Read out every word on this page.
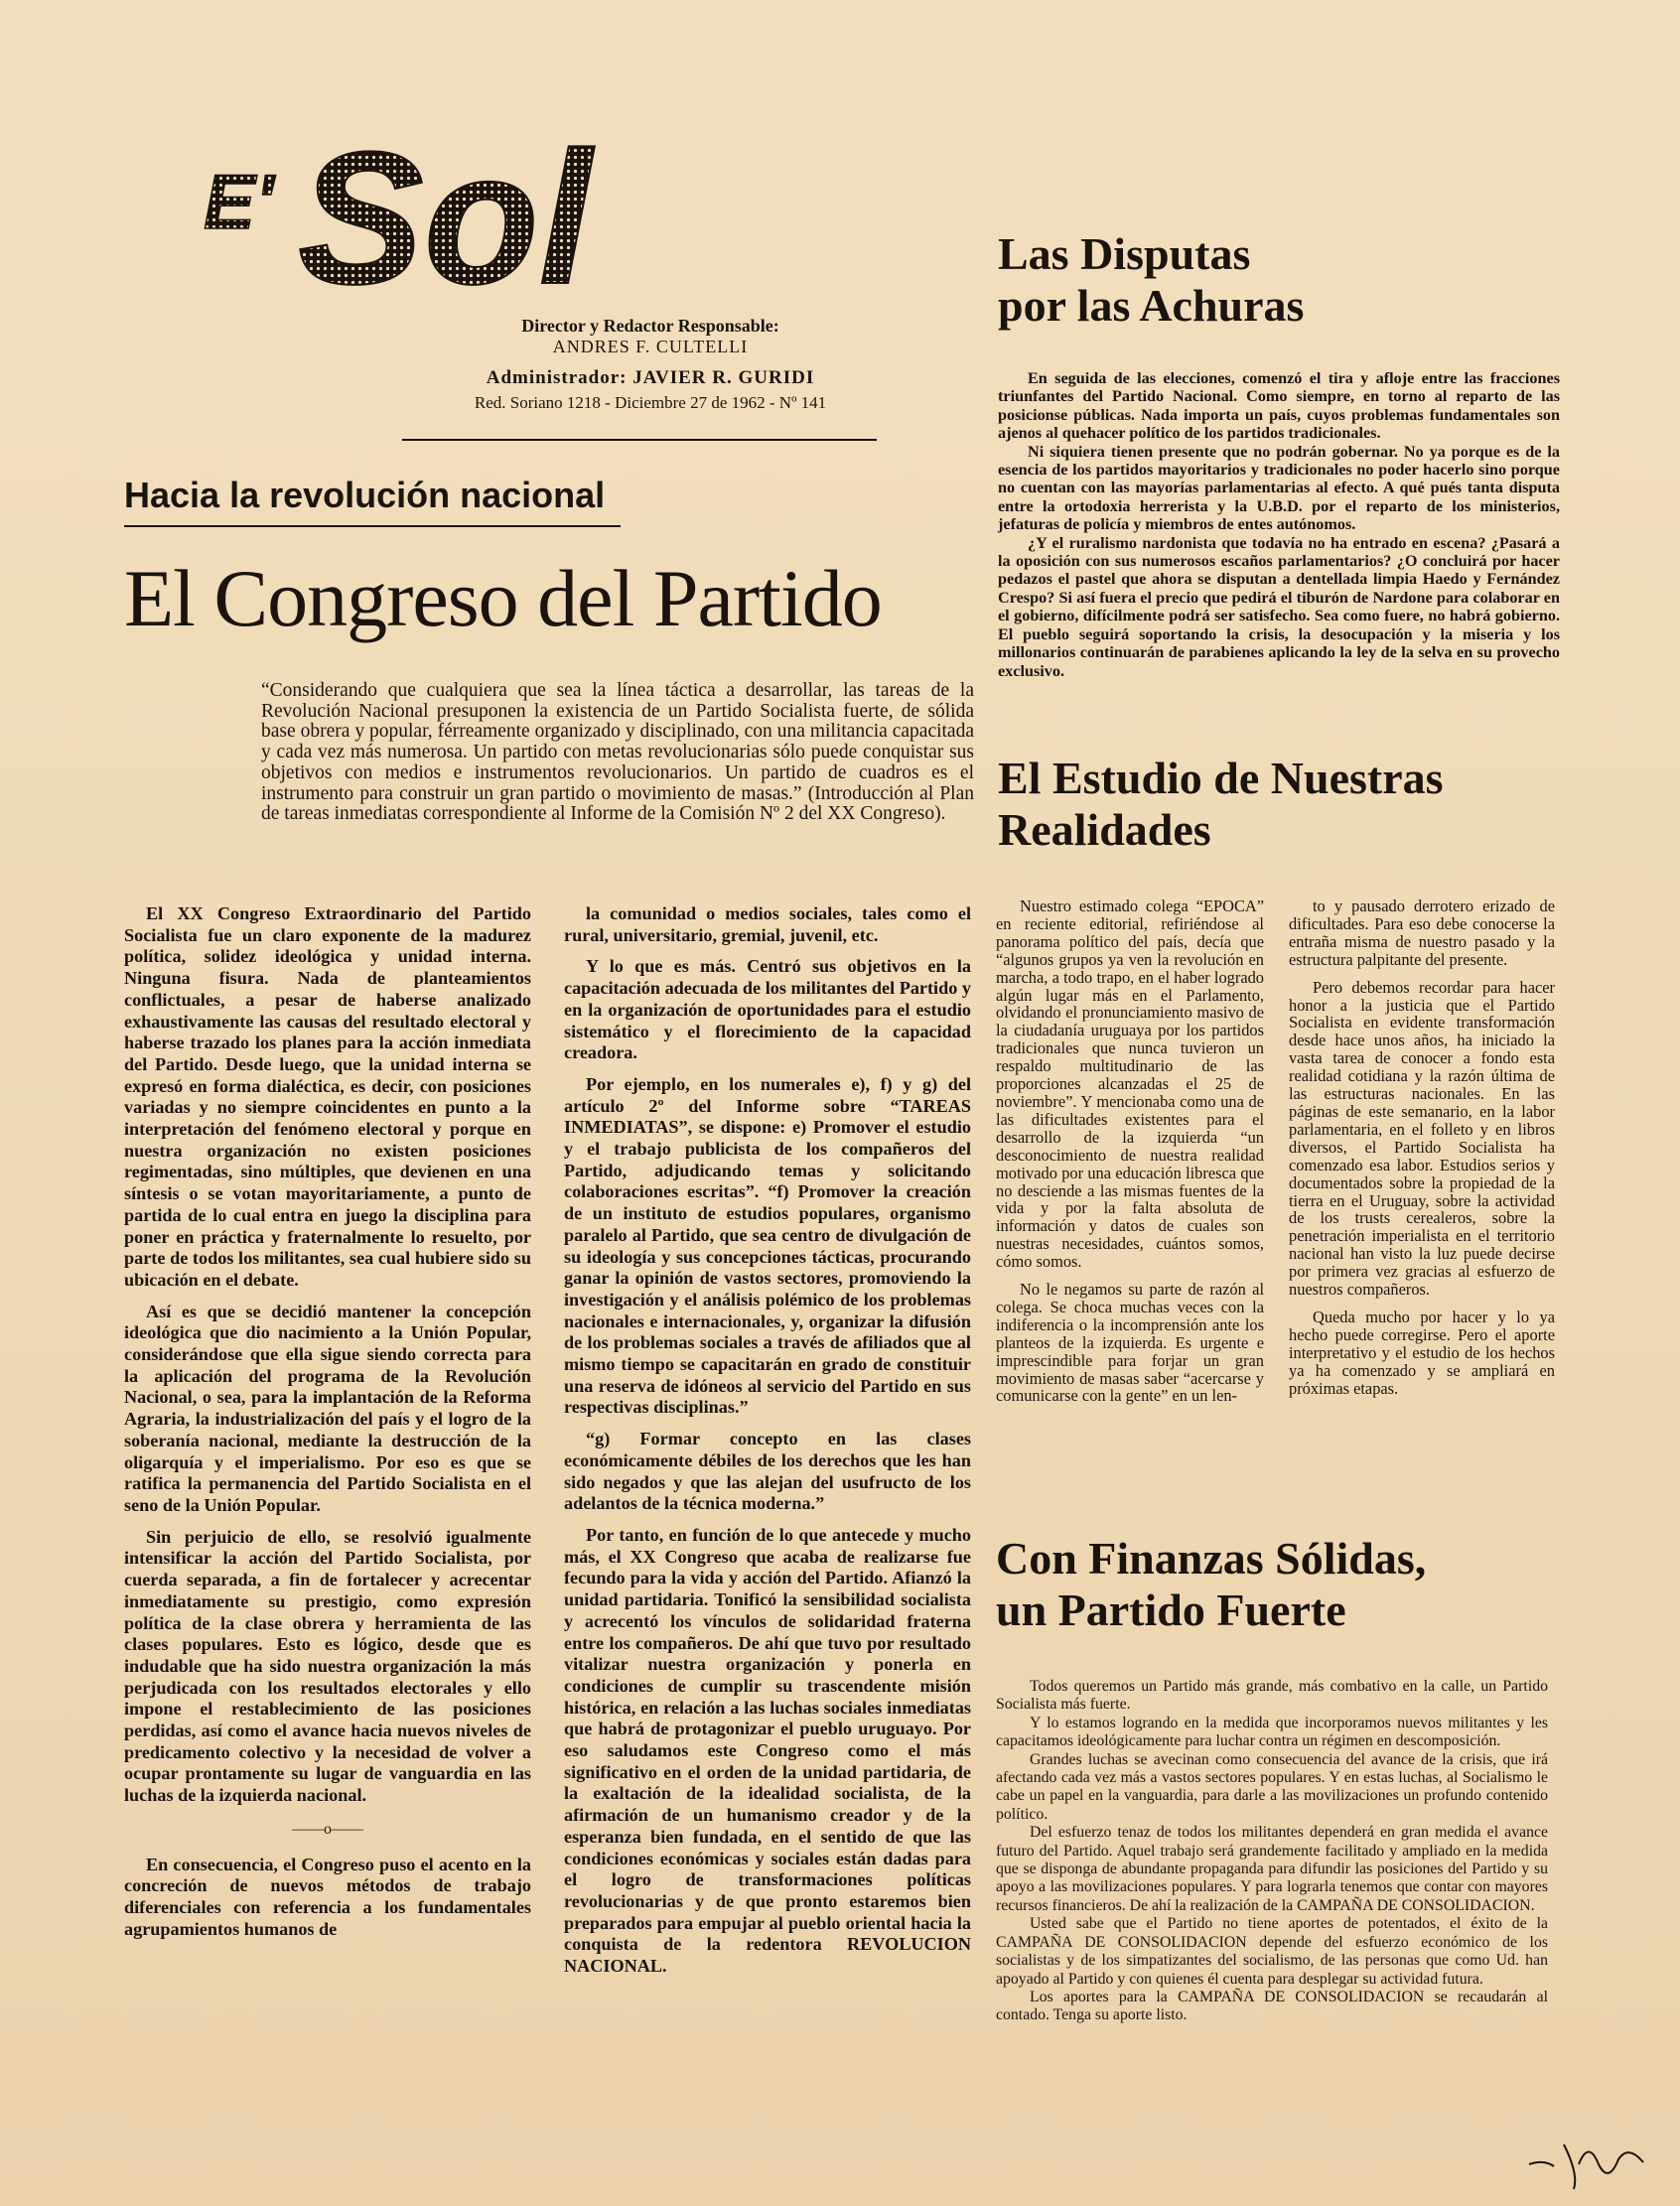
E' Sol
Director y Redactor Responsable:
ANDRES F. CULTELLI
Administrador: JAVIER R. GURIDI
Red. Soriano 1218 - Diciembre 27 de 1962 - Nº 141
Hacia la revolución nacional
El Congreso del Partido
“Considerando que cualquiera que sea la línea táctica a desarrollar, las tareas de la Revolución Nacional presuponen la existencia de un Partido Socialista fuerte, de sólida base obrera y popular, férreamente organizado y disciplinado, con una militancia capacitada y cada vez más numerosa. Un partido con metas revolucionarias sólo puede conquistar sus objetivos con medios e instrumentos revolucionarios. Un partido de cuadros es el instrumento para construir un gran partido o movimiento de masas.” (Introducción al Plan de tareas inmediatas correspondiente al Informe de la Comisión Nº 2 del XX Congreso).

El XX Congreso Extraordinario del Partido Socialista fue un claro exponente de la madurez política, solidez ideológica y unidad interna. Ninguna fisura. Nada de planteamientos conflictuales, a pesar de haberse analizado exhaustivamente las causas del resultado electoral y haberse trazado los planes para la acción inmediata del Partido. Desde luego, que la unidad interna se expresó en forma dialéctica, es decir, con posiciones variadas y no siempre coincidentes en punto a la interpretación del fenómeno electoral y porque en nuestra organización no existen posiciones regimentadas, sino múltiples, que devienen en una síntesis o se votan mayoritariamente, a punto de partida de lo cual entra en juego la disciplina para poner en práctica y fraternalmente lo resuelto, por parte de todos los militantes, sea cual hubiere sido su ubicación en el debate.

Así es que se decidió mantener la concepción ideológica que dio nacimiento a la Unión Popular, considerándose que ella sigue siendo correcta para la aplicación del programa de la Revolución Nacional, o sea, para la implantación de la Reforma Agraria, la industrialización del país y el logro de la soberanía nacional, mediante la destrucción de la oligarquía y el imperialismo. Por eso es que se ratifica la permanencia del Partido Socialista en el seno de la Unión Popular.

Sin perjuicio de ello, se resolvió igualmente intensificar la acción del Partido Socialista, por cuerda separada, a fin de fortalecer y acrecentar inmediatamente su prestigio, como expresión política de la clase obrera y herramienta de las clases populares. Esto es lógico, desde que es indudable que ha sido nuestra organización la más perjudicada con los resultados electorales y ello impone el restablecimiento de las posiciones perdidas, así como el avance hacia nuevos niveles de predicamento colectivo y la necesidad de volver a ocupar prontamente su lugar de vanguardia en las luchas de la izquierda nacional.

——o——

En consecuencia, el Congreso puso el acento en la concreción de nuevos métodos de trabajo diferenciales con referencia a los fundamentales agrupamientos humanos de

la comunidad o medios sociales, tales como el rural, universitario, gremial, juvenil, etc.

Y lo que es más. Centró sus objetivos en la capacitación adecuada de los militantes del Partido y en la organización de oportunidades para el estudio sistemático y el florecimiento de la capacidad creadora.

Por ejemplo, en los numerales e), f) y g) del artículo 2º del Informe sobre “TAREAS INMEDIATAS”, se dispone: e) Promover el estudio y el trabajo publicista de los compañeros del Partido, adjudicando temas y solicitando colaboraciones escritas”. “f) Promover la creación de un instituto de estudios populares, organismo paralelo al Partido, que sea centro de divulgación de su ideología y sus concepciones tácticas, procurando ganar la opinión de vastos sectores, promoviendo la investigación y el análisis polémico de los problemas nacionales e internacionales, y, organizar la difusión de los problemas sociales a través de afiliados que al mismo tiempo se capacitarán en grado de constituir una reserva de idóneos al servicio del Partido en sus respectivas disciplinas.”

“g) Formar concepto en las clases económicamente débiles de los derechos que les han sido negados y que las alejan del usufructo de los adelantos de la técnica moderna.”

Por tanto, en función de lo que antecede y mucho más, el XX Congreso que acaba de realizarse fue fecundo para la vida y acción del Partido. Afianzó la unidad partidaria. Tonificó la sensibilidad socialista y acrecentó los vínculos de solidaridad fraterna entre los compañeros. De ahí que tuvo por resultado vitalizar nuestra organización y ponerla en condiciones de cumplir su trascendente misión histórica, en relación a las luchas sociales inmediatas que habrá de protagonizar el pueblo uruguayo. Por eso saludamos este Congreso como el más significativo en el orden de la unidad partidaria, de la exaltación de la idealidad socialista, de la afirmación de un humanismo creador y de la esperanza bien fundada, en el sentido de que las condiciones económicas y sociales están dadas para el logro de transformaciones políticas revolucionarias y de que pronto estaremos bien preparados para empujar al pueblo oriental hacia la conquista de la redentora REVOLUCION NACIONAL.

Las Disputas
por las Achuras

En seguida de las elecciones, comenzó el tira y afloje entre las fracciones triunfantes del Partido Nacional. Como siempre, en torno al reparto de las posicionse públicas. Nada importa un país, cuyos problemas fundamentales son ajenos al quehacer político de los partidos tradicionales.

Ni siquiera tienen presente que no podrán gobernar. No ya porque es de la esencia de los partidos mayoritarios y tradicionales no poder hacerlo sino porque no cuentan con las mayorías parlamentarias al efecto. A qué pués tanta disputa entre la ortodoxia herrerista y la U.B.D. por el reparto de los ministerios, jefaturas de policía y miembros de entes autónomos.

¿Y el ruralismo nardonista que todavía no ha entrado en escena? ¿Pasará a la oposición con sus numerosos escaños parlamentarios? ¿O concluirá por hacer pedazos el pastel que ahora se disputan a dentellada limpia Haedo y Fernández Crespo? Si así fuera el precio que pedirá el tiburón de Nardone para colaborar en el gobierno, difícilmente podrá ser satisfecho. Sea como fuere, no habrá gobierno. El pueblo seguirá soportando la crisis, la desocupación y la miseria y los millonarios continuarán de parabienes aplicando la ley de la selva en su provecho exclusivo.

El Estudio de Nuestras
Realidades

Nuestro estimado colega “EPOCA” en reciente editorial, refiriéndose al panorama político del país, decía que “algunos grupos ya ven la revolución en marcha, a todo trapo, en el haber logrado algún lugar más en el Parlamento, olvidando el pronunciamiento masivo de la ciudadanía uruguaya por los partidos tradicionales que nunca tuvieron un respaldo multitudinario de las proporciones alcanzadas el 25 de noviembre”. Y mencionaba como una de las dificultades existentes para el desarrollo de la izquierda “un desconocimiento de nuestra realidad motivado por una educación libresca que no desciende a las mismas fuentes de la vida y por la falta absoluta de información y datos de cuales son nuestras necesidades, cuántos somos, cómo somos.

No le negamos su parte de razón al colega. Se choca muchas veces con la indiferencia o la incomprensión ante los planteos de la izquierda. Es urgente e imprescindible para forjar un gran movimiento de masas saber “acercarse y comunicarse con la gente” en un len-

to y pausado derrotero erizado de dificultades. Para eso debe conocerse la entraña misma de nuestro pasado y la estructura palpitante del presente.

Pero debemos recordar para hacer honor a la justicia que el Partido Socialista en evidente transformación desde hace unos años, ha iniciado la vasta tarea de conocer a fondo esta realidad cotidiana y la razón última de las estructuras nacionales. En las páginas de este semanario, en la labor parlamentaria, en el folleto y en libros diversos, el Partido Socialista ha comenzado esa labor. Estudios serios y documentados sobre la propiedad de la tierra en el Uruguay, sobre la actividad de los trusts cerealeros, sobre la penetración imperialista en el territorio nacional han visto la luz puede decirse por primera vez gracias al esfuerzo de nuestros compañeros.

Queda mucho por hacer y lo ya hecho puede corregirse. Pero el aporte interpretativo y el estudio de los hechos ya ha comenzado y se ampliará en próximas etapas.

Con Finanzas Sólidas,
un Partido Fuerte

Todos queremos un Partido más grande, más combativo en la calle, un Partido Socialista más fuerte.

Y lo estamos logrando en la medida que incorporamos nuevos militantes y les capacitamos ideológicamente para luchar contra un régimen en descomposición.

Grandes luchas se avecinan como consecuencia del avance de la crisis, que irá afectando cada vez más a vastos sectores populares. Y en estas luchas, al Socialismo le cabe un papel en la vanguardia, para darle a las movilizaciones un profundo contenido político.

Del esfuerzo tenaz de todos los militantes dependerá en gran medida el avance futuro del Partido. Aquel trabajo será grandemente facilitado y ampliado en la medida que se disponga de abundante propaganda para difundir las posiciones del Partido y su apoyo a las movilizaciones populares. Y para lograrla tenemos que contar con mayores recursos financieros. De ahí la realización de la CAMPAÑA DE CONSOLIDACION.

Usted sabe que el Partido no tiene aportes de potentados, el éxito de la CAMPAÑA DE CONSOLIDACION depende del esfuerzo económico de los socialistas y de los simpatizantes del socialismo, de las personas que como Ud. han apoyado al Partido y con quienes él cuenta para desplegar su actividad futura.

Los aportes para la CAMPAÑA DE CONSOLIDACION se recaudarán al contado. Tenga su aporte listo.
